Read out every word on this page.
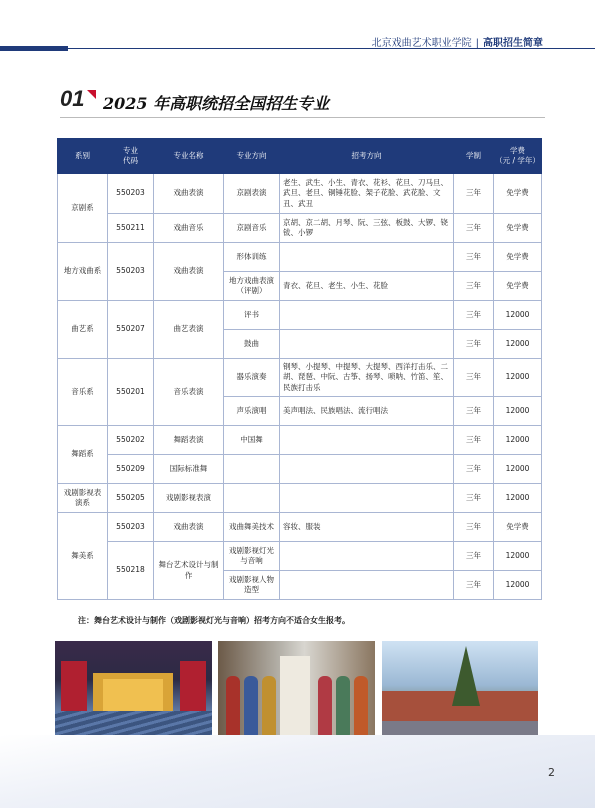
北京戏曲艺术职业学院 | 高职招生简章
01 2025 年高职统招全国招生专业
系别	专业
代码	专业名称	专业方向	招考方向	学制	学费
（元 / 学年）
京剧系	550203	戏曲表演	京剧表演	老生、武生、小生、青衣、花衫、花旦、刀马旦、武旦、老旦、铜锤花脸、架子花脸、武花脸、文丑、武丑	三年	免学费
	550211	戏曲音乐	京剧音乐	京胡、京二胡、月琴、阮、三弦、板鼓、大锣、铙钹、小锣	三年	免学费
地方戏曲系	550203	戏曲表演	形体训练		三年	免学费
			地方戏曲表演（评剧）	青衣、花旦、老生、小生、花脸	三年	免学费
曲艺系	550207	曲艺表演	评书		三年	12000
			鼓曲		三年	12000
音乐系	550201	音乐表演	器乐演奏	钢琴、小提琴、中提琴、大提琴、西洋打击乐、二胡、琵琶、中阮、古筝、扬琴、唢呐、竹笛、笙、民族打击乐	三年	12000
			声乐演唱	美声唱法、民族唱法、流行唱法	三年	12000
舞蹈系	550202	舞蹈表演	中国舞		三年	12000
	550209	国际标准舞			三年	12000
戏剧影视表演系	550205	戏剧影视表演			三年	12000
舞美系	550203	戏曲表演	戏曲舞美技术	容妆、服装	三年	免学费
	550218	舞台艺术设计与制作	戏剧影视灯光与音响		三年	12000
			戏剧影视人物造型		三年	12000
注：舞台艺术设计与制作（戏剧影视灯光与音响）招考方向不适合女生报考。
2
